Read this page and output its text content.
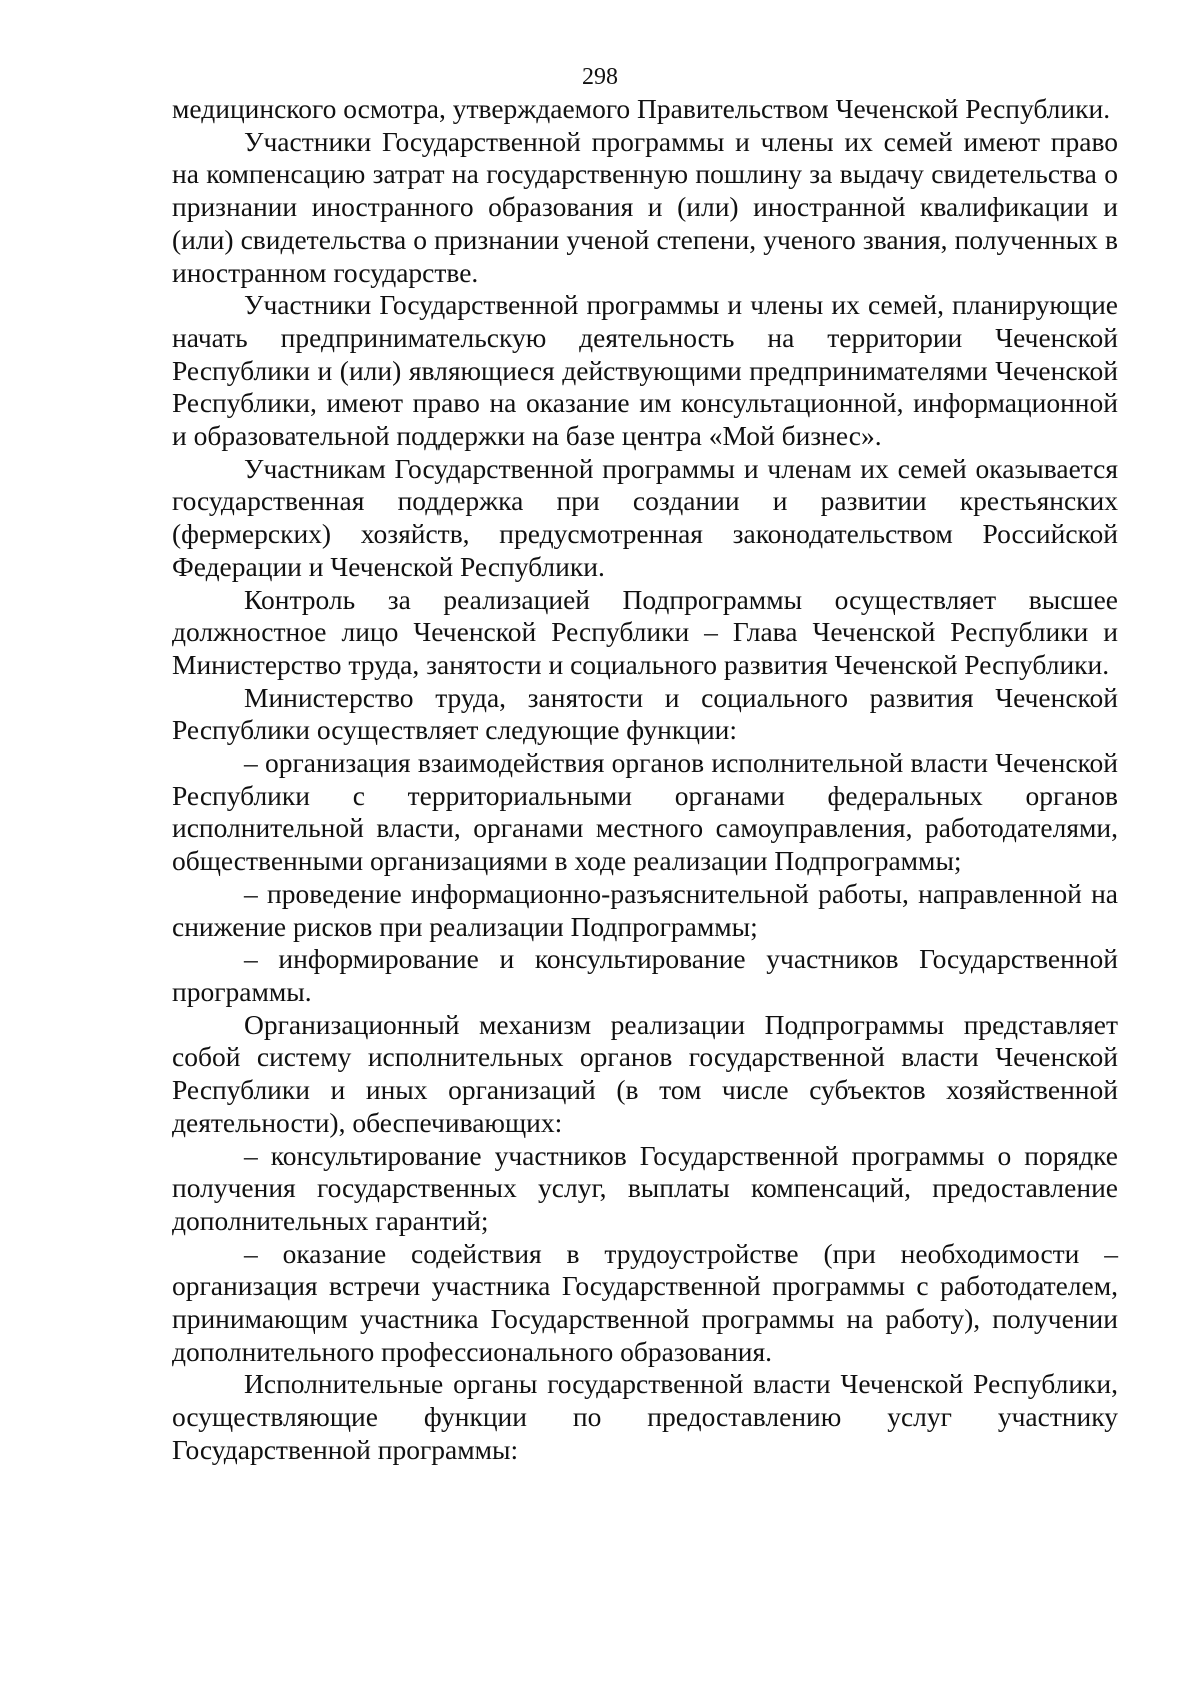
298

медицинского осмотра, утверждаемого Правительством Чеченской Республики.

Участники Государственной программы и члены их семей имеют право на компенсацию затрат на государственную пошлину за выдачу свидетельства о признании иностранного образования и (или) иностранной квалификации и (или) свидетельства о признании ученой степени, ученого звания, полученных в иностранном государстве.

Участники Государственной программы и члены их семей, планирующие начать предпринимательскую деятельность на территории Чеченской Республики и (или) являющиеся действующими предпринимателями Чеченской Республики, имеют право на оказание им консультационной, информационной и образовательной поддержки на базе центра «Мой бизнес».

Участникам Государственной программы и членам их семей оказывается государственная поддержка при создании и развитии крестьянских (фермерских) хозяйств, предусмотренная законодательством Российской Федерации и Чеченской Республики.

Контроль за реализацией Подпрограммы осуществляет высшее должностное лицо Чеченской Республики – Глава Чеченской Республики и Министерство труда, занятости и социального развития Чеченской Республики.

Министерство труда, занятости и социального развития Чеченской Республики осуществляет следующие функции:

– организация взаимодействия органов исполнительной власти Чеченской Республики с территориальными органами федеральных органов исполнительной власти, органами местного самоуправления, работодателями, общественными организациями в ходе реализации Подпрограммы;

– проведение информационно-разъяснительной работы, направленной на снижение рисков при реализации Подпрограммы;

– информирование и консультирование участников Государственной программы.

Организационный механизм реализации Подпрограммы представляет собой систему исполнительных органов государственной власти Чеченской Республики и иных организаций (в том числе субъектов хозяйственной деятельности), обеспечивающих:

– консультирование участников Государственной программы о порядке получения государственных услуг, выплаты компенсаций, предоставление дополнительных гарантий;

– оказание содействия в трудоустройстве (при необходимости – организация встречи участника Государственной программы с работодателем, принимающим участника Государственной программы на работу), получении дополнительного профессионального образования.

Исполнительные органы государственной власти Чеченской Республики, осуществляющие функции по предоставлению услуг участнику Государственной программы:
